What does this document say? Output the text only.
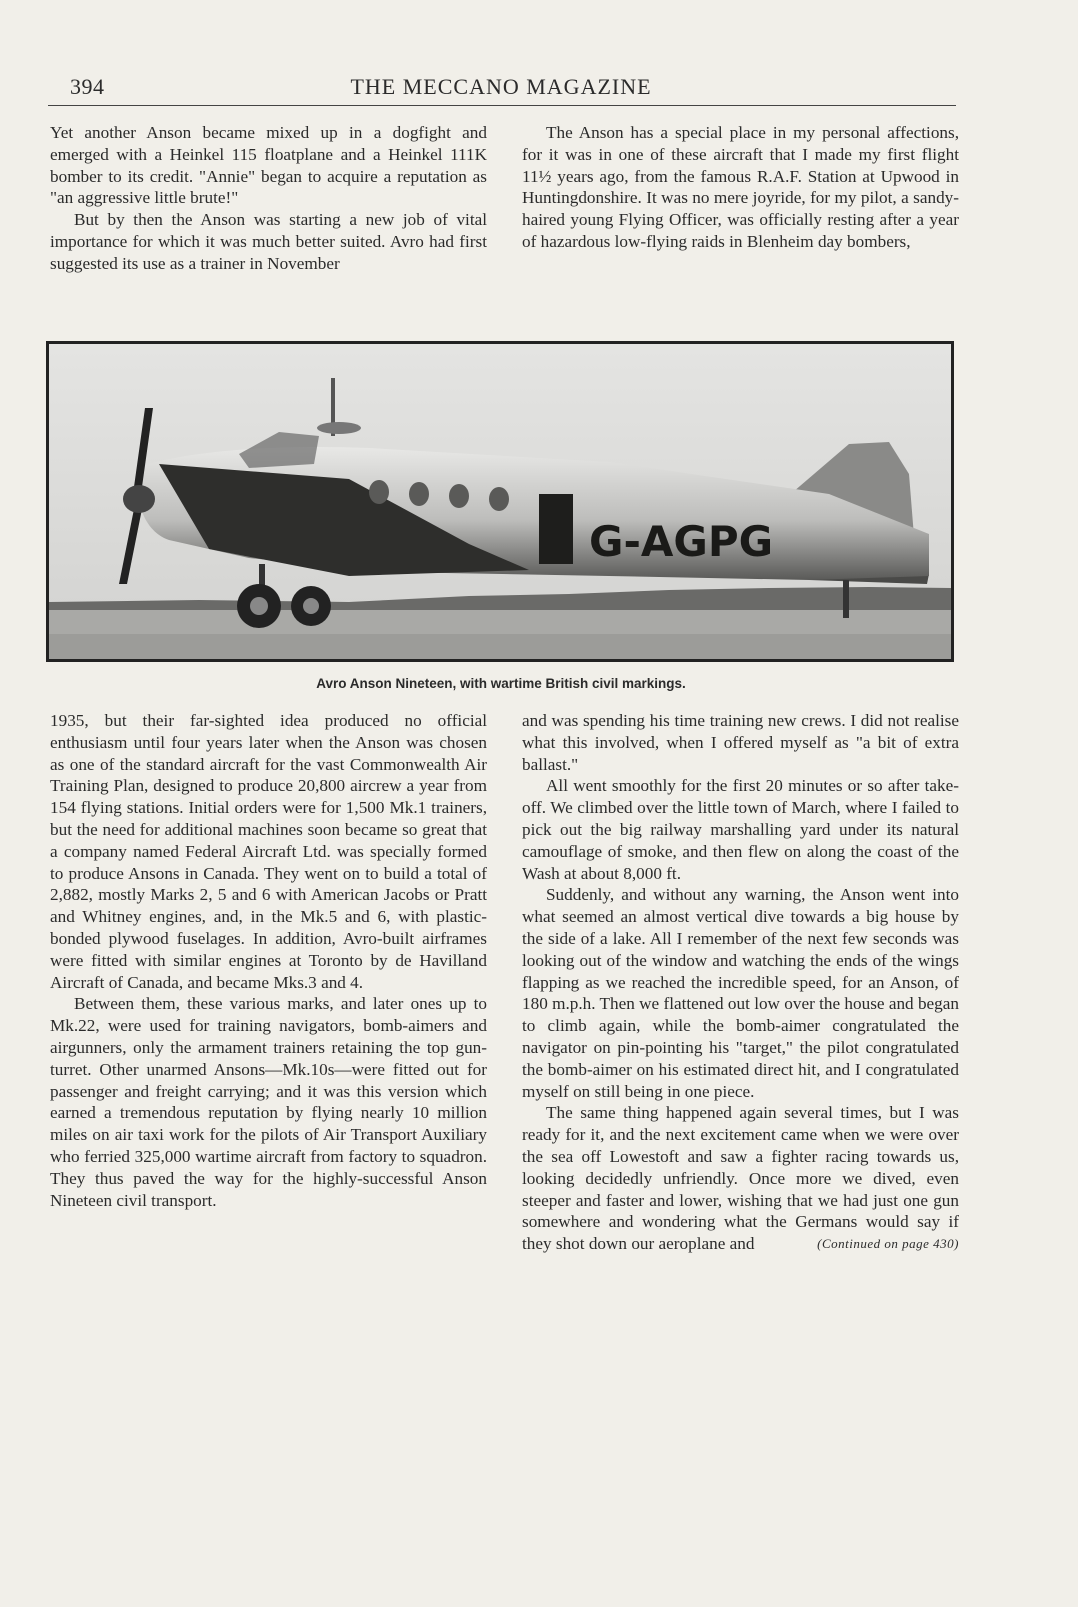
394	THE MECCANO MAGAZINE

Yet another Anson became mixed up in a dogfight and emerged with a Heinkel 115 floatplane and a Heinkel 111K bomber to its credit. "Annie" began to acquire a reputation as "an aggressive little brute!"

But by then the Anson was starting a new job of vital importance for which it was much better suited. Avro had first suggested its use as a trainer in November

The Anson has a special place in my personal affections, for it was in one of these aircraft that I made my first flight 11½ years ago, from the famous R.A.F. Station at Upwood in Huntingdonshire. It was no mere joyride, for my pilot, a sandy-haired young Flying Officer, was officially resting after a year of hazardous low-flying raids in Blenheim day bombers,

G-AGPG
Avro Anson Nineteen, with wartime British civil markings.

1935, but their far-sighted idea produced no official enthusiasm until four years later when the Anson was chosen as one of the standard aircraft for the vast Commonwealth Air Training Plan, designed to produce 20,800 aircrew a year from 154 flying stations. Initial orders were for 1,500 Mk.1 trainers, but the need for additional machines soon became so great that a company named Federal Aircraft Ltd. was specially formed to produce Ansons in Canada. They went on to build a total of 2,882, mostly Marks 2, 5 and 6 with American Jacobs or Pratt and Whitney engines, and, in the Mk.5 and 6, with plastic-bonded plywood fuselages. In addition, Avro-built airframes were fitted with similar engines at Toronto by de Havilland Aircraft of Canada, and became Mks.3 and 4.

Between them, these various marks, and later ones up to Mk.22, were used for training navigators, bomb-aimers and airgunners, only the armament trainers retaining the top gun-turret. Other unarmed Ansons—Mk.10s—were fitted out for passenger and freight carrying; and it was this version which earned a tremendous reputation by flying nearly 10 million miles on air taxi work for the pilots of Air Transport Auxiliary who ferried 325,000 wartime aircraft from factory to squadron. They thus paved the way for the highly-successful Anson Nineteen civil transport.

and was spending his time training new crews. I did not realise what this involved, when I offered myself as "a bit of extra ballast."

All went smoothly for the first 20 minutes or so after take-off. We climbed over the little town of March, where I failed to pick out the big railway marshalling yard under its natural camouflage of smoke, and then flew on along the coast of the Wash at about 8,000 ft.

Suddenly, and without any warning, the Anson went into what seemed an almost vertical dive towards a big house by the side of a lake. All I remember of the next few seconds was looking out of the window and watching the ends of the wings flapping as we reached the incredible speed, for an Anson, of 180 m.p.h. Then we flattened out low over the house and began to climb again, while the bomb-aimer congratulated the navigator on pin-pointing his "target," the pilot congratulated the bomb-aimer on his estimated direct hit, and I congratulated myself on still being in one piece.

The same thing happened again several times, but I was ready for it, and the next excitement came when we were over the sea off Lowestoft and saw a fighter racing towards us, looking decidedly unfriendly. Once more we dived, even steeper and faster and lower, wishing that we had just one gun somewhere and wondering what the Germans would say if they shot down our aeroplane and	(Continued on page 430)
